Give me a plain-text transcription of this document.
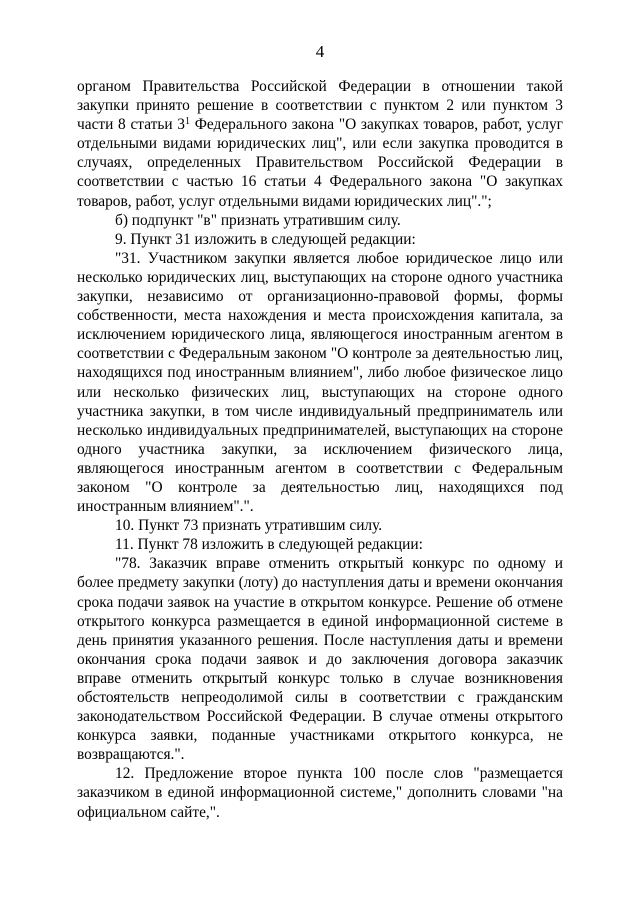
4

органом Правительства Российской Федерации в отношении такой закупки принято решение в соответствии с пунктом 2 или пунктом 3 части 8 статьи $3^1$ Федерального закона "О закупках товаров, работ, услуг отдельными видами юридических лиц", или если закупка проводится в случаях, определенных Правительством Российской Федерации в соответствии с частью 16 статьи 4 Федерального закона "О закупках товаров, работ, услуг отдельными видами юридических лиц".";

б) подпункт "в" признать утратившим силу.

9. Пункт 31 изложить в следующей редакции:

"31. Участником закупки является любое юридическое лицо или несколько юридических лиц, выступающих на стороне одного участника закупки, независимо от организационно-правовой формы, формы собственности, места нахождения и места происхождения капитала, за исключением юридического лица, являющегося иностранным агентом в соответствии с Федеральным законом "О контроле за деятельностью лиц, находящихся под иностранным влиянием", либо любое физическое лицо или несколько физических лиц, выступающих на стороне одного участника закупки, в том числе индивидуальный предприниматель или несколько индивидуальных предпринимателей, выступающих на стороне одного участника закупки, за исключением физического лица, являющегося иностранным агентом в соответствии с Федеральным законом "О контроле за деятельностью лиц, находящихся под иностранным влиянием".".

10. Пункт 73 признать утратившим силу.

11. Пункт 78 изложить в следующей редакции:

"78. Заказчик вправе отменить открытый конкурс по одному и более предмету закупки (лоту) до наступления даты и времени окончания срока подачи заявок на участие в открытом конкурсе. Решение об отмене открытого конкурса размещается в единой информационной системе в день принятия указанного решения. После наступления даты и времени окончания срока подачи заявок и до заключения договора заказчик вправе отменить открытый конкурс только в случае возникновения обстоятельств непреодолимой силы в соответствии с гражданским законодательством Российской Федерации. В случае отмены открытого конкурса заявки, поданные участниками открытого конкурса, не возвращаются.".

12. Предложение второе пункта 100 после слов "размещается заказчиком в единой информационной системе," дополнить словами "на официальном сайте,".
